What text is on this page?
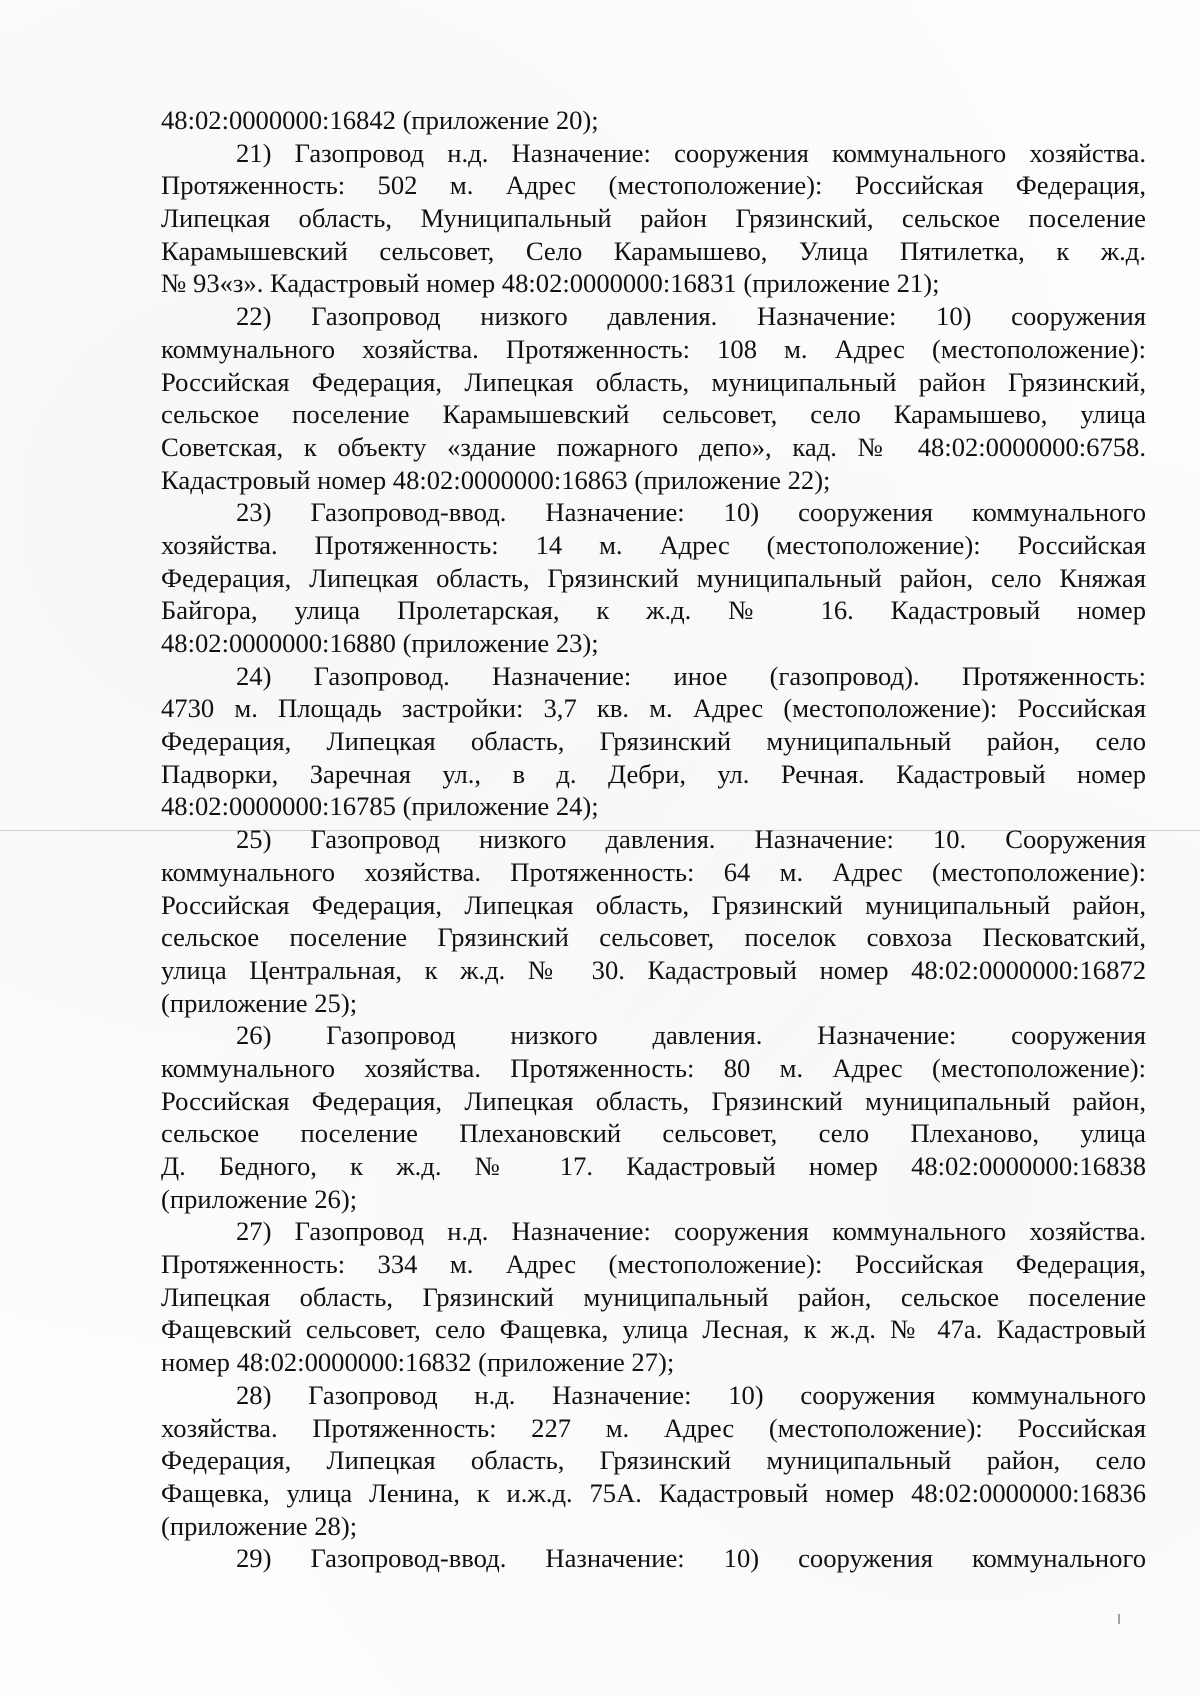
48:02:0000000:16842 (приложение 20);
21) Газопровод н.д. Назначение: сооружения коммунального хозяйства.
Протяженность: 502 м. Адрес (местоположение): Российская Федерация,
Липецкая область, Муниципальный район Грязинский, сельское поселение
Карамышевский сельсовет, Село Карамышево, Улица Пятилетка, к ж.д.
№ 93«з». Кадастровый номер 48:02:0000000:16831 (приложение 21);
22) Газопровод низкого давления. Назначение: 10) сооружения
коммунального хозяйства. Протяженность: 108 м. Адрес (местоположение):
Российская Федерация, Липецкая область, муниципальный район Грязинский,
сельское поселение Карамышевский сельсовет, село Карамышево, улица
Советская, к объекту «здание пожарного депо», кад. № 48:02:0000000:6758.
Кадастровый номер 48:02:0000000:16863 (приложение 22);
23) Газопровод-ввод. Назначение: 10) сооружения коммунального
хозяйства. Протяженность: 14 м. Адрес (местоположение): Российская
Федерация, Липецкая область, Грязинский муниципальный район, село Княжая
Байгора, улица Пролетарская, к ж.д. № 16. Кадастровый номер
48:02:0000000:16880 (приложение 23);
24) Газопровод. Назначение: иное (газопровод). Протяженность:
4730 м. Площадь застройки: 3,7 кв. м. Адрес (местоположение): Российская
Федерация, Липецкая область, Грязинский муниципальный район, село
Падворки, Заречная ул., в д. Дебри, ул. Речная. Кадастровый номер
48:02:0000000:16785 (приложение 24);
25) Газопровод низкого давления. Назначение: 10. Сооружения
коммунального хозяйства. Протяженность: 64 м. Адрес (местоположение):
Российская Федерация, Липецкая область, Грязинский муниципальный район,
сельское поселение Грязинский сельсовет, поселок совхоза Песковатский,
улица Центральная, к ж.д. № 30. Кадастровый номер 48:02:0000000:16872
(приложение 25);
26) Газопровод низкого давления. Назначение: сооружения
коммунального хозяйства. Протяженность: 80 м. Адрес (местоположение):
Российская Федерация, Липецкая область, Грязинский муниципальный район,
сельское поселение Плехановский сельсовет, село Плеханово, улица
Д. Бедного, к ж.д. № 17. Кадастровый номер 48:02:0000000:16838
(приложение 26);
27) Газопровод н.д. Назначение: сооружения коммунального хозяйства.
Протяженность: 334 м. Адрес (местоположение): Российская Федерация,
Липецкая область, Грязинский муниципальный район, сельское поселение
Фащевский сельсовет, село Фащевка, улица Лесная, к ж.д. № 47а. Кадастровый
номер 48:02:0000000:16832 (приложение 27);
28) Газопровод н.д. Назначение: 10) сооружения коммунального
хозяйства. Протяженность: 227 м. Адрес (местоположение): Российская
Федерация, Липецкая область, Грязинский муниципальный район, село
Фащевка, улица Ленина, к и.ж.д. 75А. Кадастровый номер 48:02:0000000:16836
(приложение 28);
29) Газопровод-ввод. Назначение: 10) сооружения коммунального
